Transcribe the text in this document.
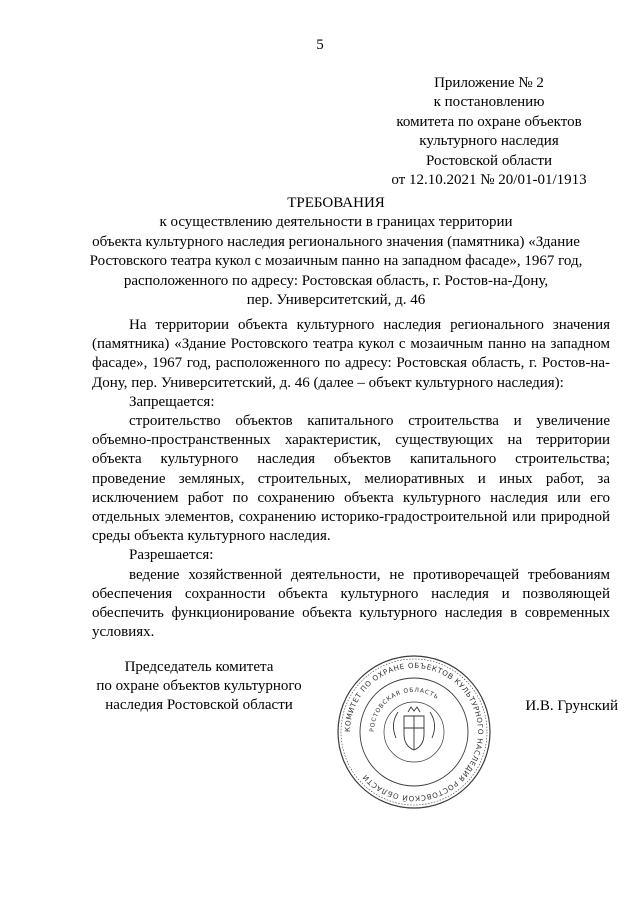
5
Приложение № 2
к постановлению
комитета по охране объектов
культурного наследия
Ростовской области
от 12.10.2021 № 20/01-01/1913
ТРЕБОВАНИЯ
к осуществлению деятельности в границах территории
объекта культурного наследия регионального значения (памятника) «Здание
Ростовского театра кукол с мозаичным панно на западном фасаде», 1967 год,
расположенного по адресу: Ростовская область, г. Ростов-на-Дону,
пер. Университетский, д. 46

На территории объекта культурного наследия регионального значения (памятника) «Здание Ростовского театра кукол с мозаичным панно на западном фасаде», 1967 год, расположенного по адресу: Ростовская область, г. Ростов-на-Дону, пер. Университетский, д. 46 (далее – объект культурного наследия):

Запрещается:

строительство объектов капитального строительства и увеличение объемно-пространственных характеристик, существующих на территории объекта культурного наследия объектов капитального строительства; проведение земляных, строительных, мелиоративных и иных работ, за исключением работ по сохранению объекта культурного наследия или его отдельных элементов, сохранению историко-градостроительной или природной среды объекта культурного наследия.

Разрешается:

ведение хозяйственной деятельности, не противоречащей требованиям обеспечения сохранности объекта культурного наследия и позволяющей обеспечить функционирование объекта культурного наследия в современных условиях.

Председатель комитета
по охране объектов культурного
наследия Ростовской области
КОМИТЕТ ПО ОХРАНЕ ОБЪЕКТОВ КУЛЬТУРНОГО НАСЛЕДИЯ РОСТОВСКОЙ ОБЛАСТИ
РОСТОВСКАЯ ОБЛАСТЬ
И.В. Грунский
